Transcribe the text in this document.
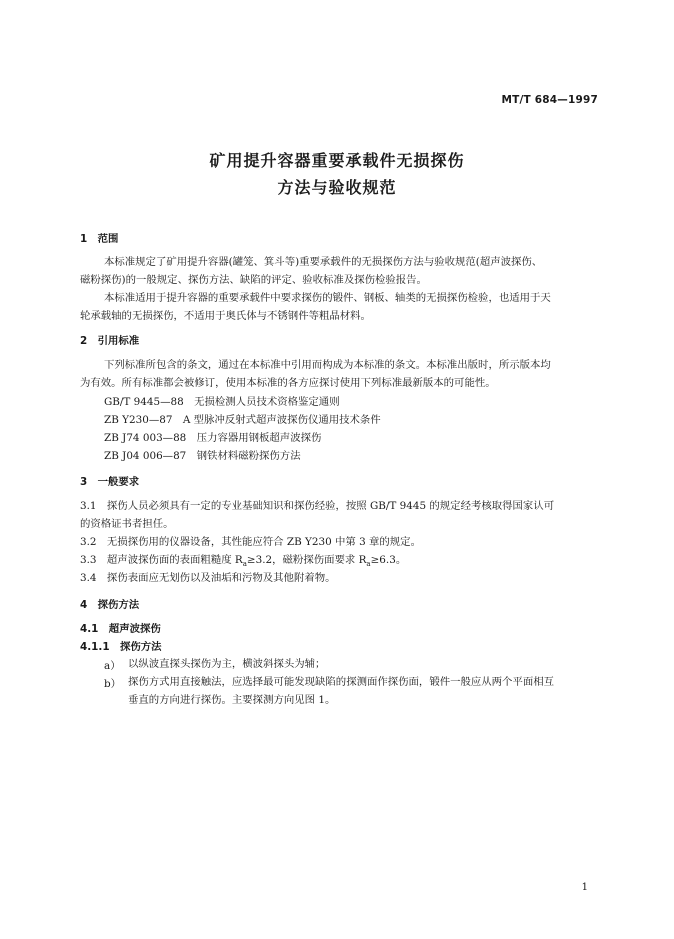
MT/T 684—1997
矿用提升容器重要承载件无损探伤
方法与验收规范
1　范围
本标准规定了矿用提升容器(罐笼、箕斗等)重要承载件的无损探伤方法与验收规范(超声波探伤、
磁粉探伤)的一般规定、探伤方法、缺陷的评定、验收标准及探伤检验报告。
本标准适用于提升容器的重要承载件中要求探伤的锻件、钢板、轴类的无损探伤检验，也适用于天
轮承载轴的无损探伤，不适用于奥氏体与不锈钢件等粗晶材料。
2　引用标准
下列标准所包含的条文，通过在本标准中引用而构成为本标准的条文。本标准出版时，所示版本均
为有效。所有标准都会被修订，使用本标准的各方应探讨使用下列标准最新版本的可能性。
GB/T 9445—88　无损检测人员技术资格鉴定通则
ZB Y230—87　A 型脉冲反射式超声波探伤仪通用技术条件
ZB J74 003—88　压力容器用钢板超声波探伤
ZB J04 006—87　钢铁材料磁粉探伤方法
3　一般要求
3.1　探伤人员必须具有一定的专业基础知识和探伤经验，按照 GB/T 9445 的规定经考核取得国家认可
的资格证书者担任。
3.2　无损探伤用的仪器设备，其性能应符合 ZB Y230 中第 3 章的规定。
3.3　超声波探伤面的表面粗糙度 $R_a\ge 3.2$，磁粉探伤面要求 $R_a\ge 6.3$。
3.4　探伤表面应无划伤以及油垢和污物及其他附着物。
4　探伤方法
4.1　超声波探伤
4.1.1　探伤方法
a） 以纵波直探头探伤为主，横波斜探头为辅；
b） 探伤方式用直接触法，应选择最可能发现缺陷的探测面作探伤面，锻件一般应从两个平面相互
垂直的方向进行探伤。主要探测方向见图 1。
1
